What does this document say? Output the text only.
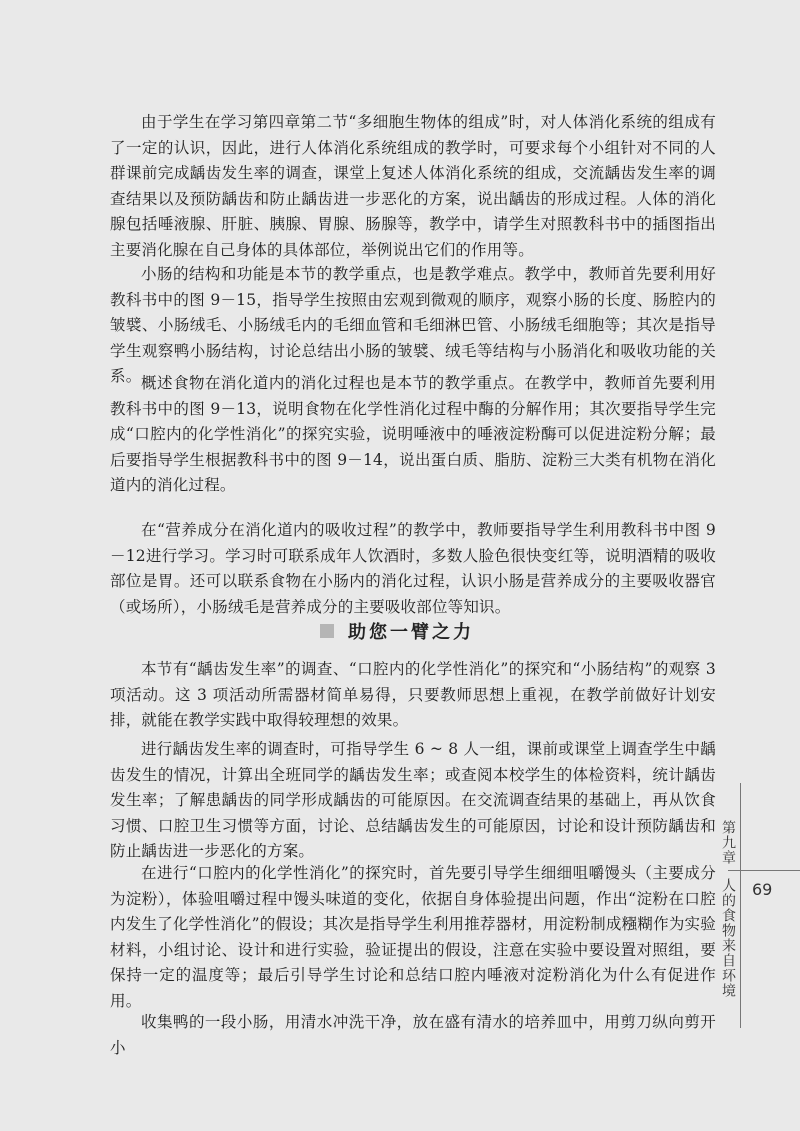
由于学生在学习第四章第二节“多细胞生物体的组成”时，对人体消化系统的组成有了一定的认识，因此，进行人体消化系统组成的教学时，可要求每个小组针对不同的人群课前完成龋齿发生率的调查，课堂上复述人体消化系统的组成，交流龋齿发生率的调查结果以及预防龋齿和防止龋齿进一步恶化的方案，说出龋齿的形成过程。人体的消化腺包括唾液腺、肝脏、胰腺、胃腺、肠腺等，教学中，请学生对照教科书中的插图指出主要消化腺在自己身体的具体部位，举例说出它们的作用等。

小肠的结构和功能是本节的教学重点，也是教学难点。教学中，教师首先要利用好教科书中的图 9－15，指导学生按照由宏观到微观的顺序，观察小肠的长度、肠腔内的皱襞、小肠绒毛、小肠绒毛内的毛细血管和毛细淋巴管、小肠绒毛细胞等；其次是指导学生观察鸭小肠结构，讨论总结出小肠的皱襞、绒毛等结构与小肠消化和吸收功能的关系。 概述食物在消化道内的消化过程也是本节的教学重点。在教学中，教师首先要利用教科书中的图 9－13，说明食物在化学性消化过程中酶的分解作用；其次要指导学生完成“口腔内的化学性消化”的探究实验，说明唾液中的唾液淀粉酶可以促进淀粉分解；最后要指导学生根据教科书中的图 9－14，说出蛋白质、脂肪、淀粉三大类有机物在消化道内的消化过程。

在“营养成分在消化道内的吸收过程”的教学中，教师要指导学生利用教科书中图 9－12进行学习。学习时可联系成年人饮酒时，多数人脸色很快变红等，说明酒精的吸收部位是胃。还可以联系食物在小肠内的消化过程，认识小肠是营养成分的主要吸收器官（或场所），小肠绒毛是营养成分的主要吸收部位等知识。

助您一臂之力

本节有“龋齿发生率”的调查、“口腔内的化学性消化”的探究和“小肠结构”的观察 3 项活动。这 3 项活动所需器材简单易得，只要教师思想上重视，在教学前做好计划安排，就能在教学实践中取得较理想的效果。

进行龋齿发生率的调查时，可指导学生 6 ~ 8 人一组，课前或课堂上调查学生中龋齿发生的情况，计算出全班同学的龋齿发生率；或查阅本校学生的体检资料，统计龋齿发生率；了解患龋齿的同学形成龋齿的可能原因。在交流调查结果的基础上，再从饮食习惯、口腔卫生习惯等方面，讨论、总结龋齿发生的可能原因，讨论和设计预防龋齿和防止龋齿进一步恶化的方案。

在进行“口腔内的化学性消化”的探究时，首先要引导学生细细咀嚼馒头（主要成分为淀粉），体验咀嚼过程中馒头味道的变化，依据自身体验提出问题，作出“淀粉在口腔内发生了化学性消化”的假设；其次是指导学生利用推荐器材，用淀粉制成糨糊作为实验材料，小组讨论、设计和进行实验，验证提出的假设，注意在实验中要设置对照组，要保持一定的温度等；最后引导学生讨论和总结口腔内唾液对淀粉消化为什么有促进作用。

收集鸭的一段小肠，用清水冲洗干净，放在盛有清水的培养皿中，用剪刀纵向剪开小

第九章
人的食物来自环境 69
